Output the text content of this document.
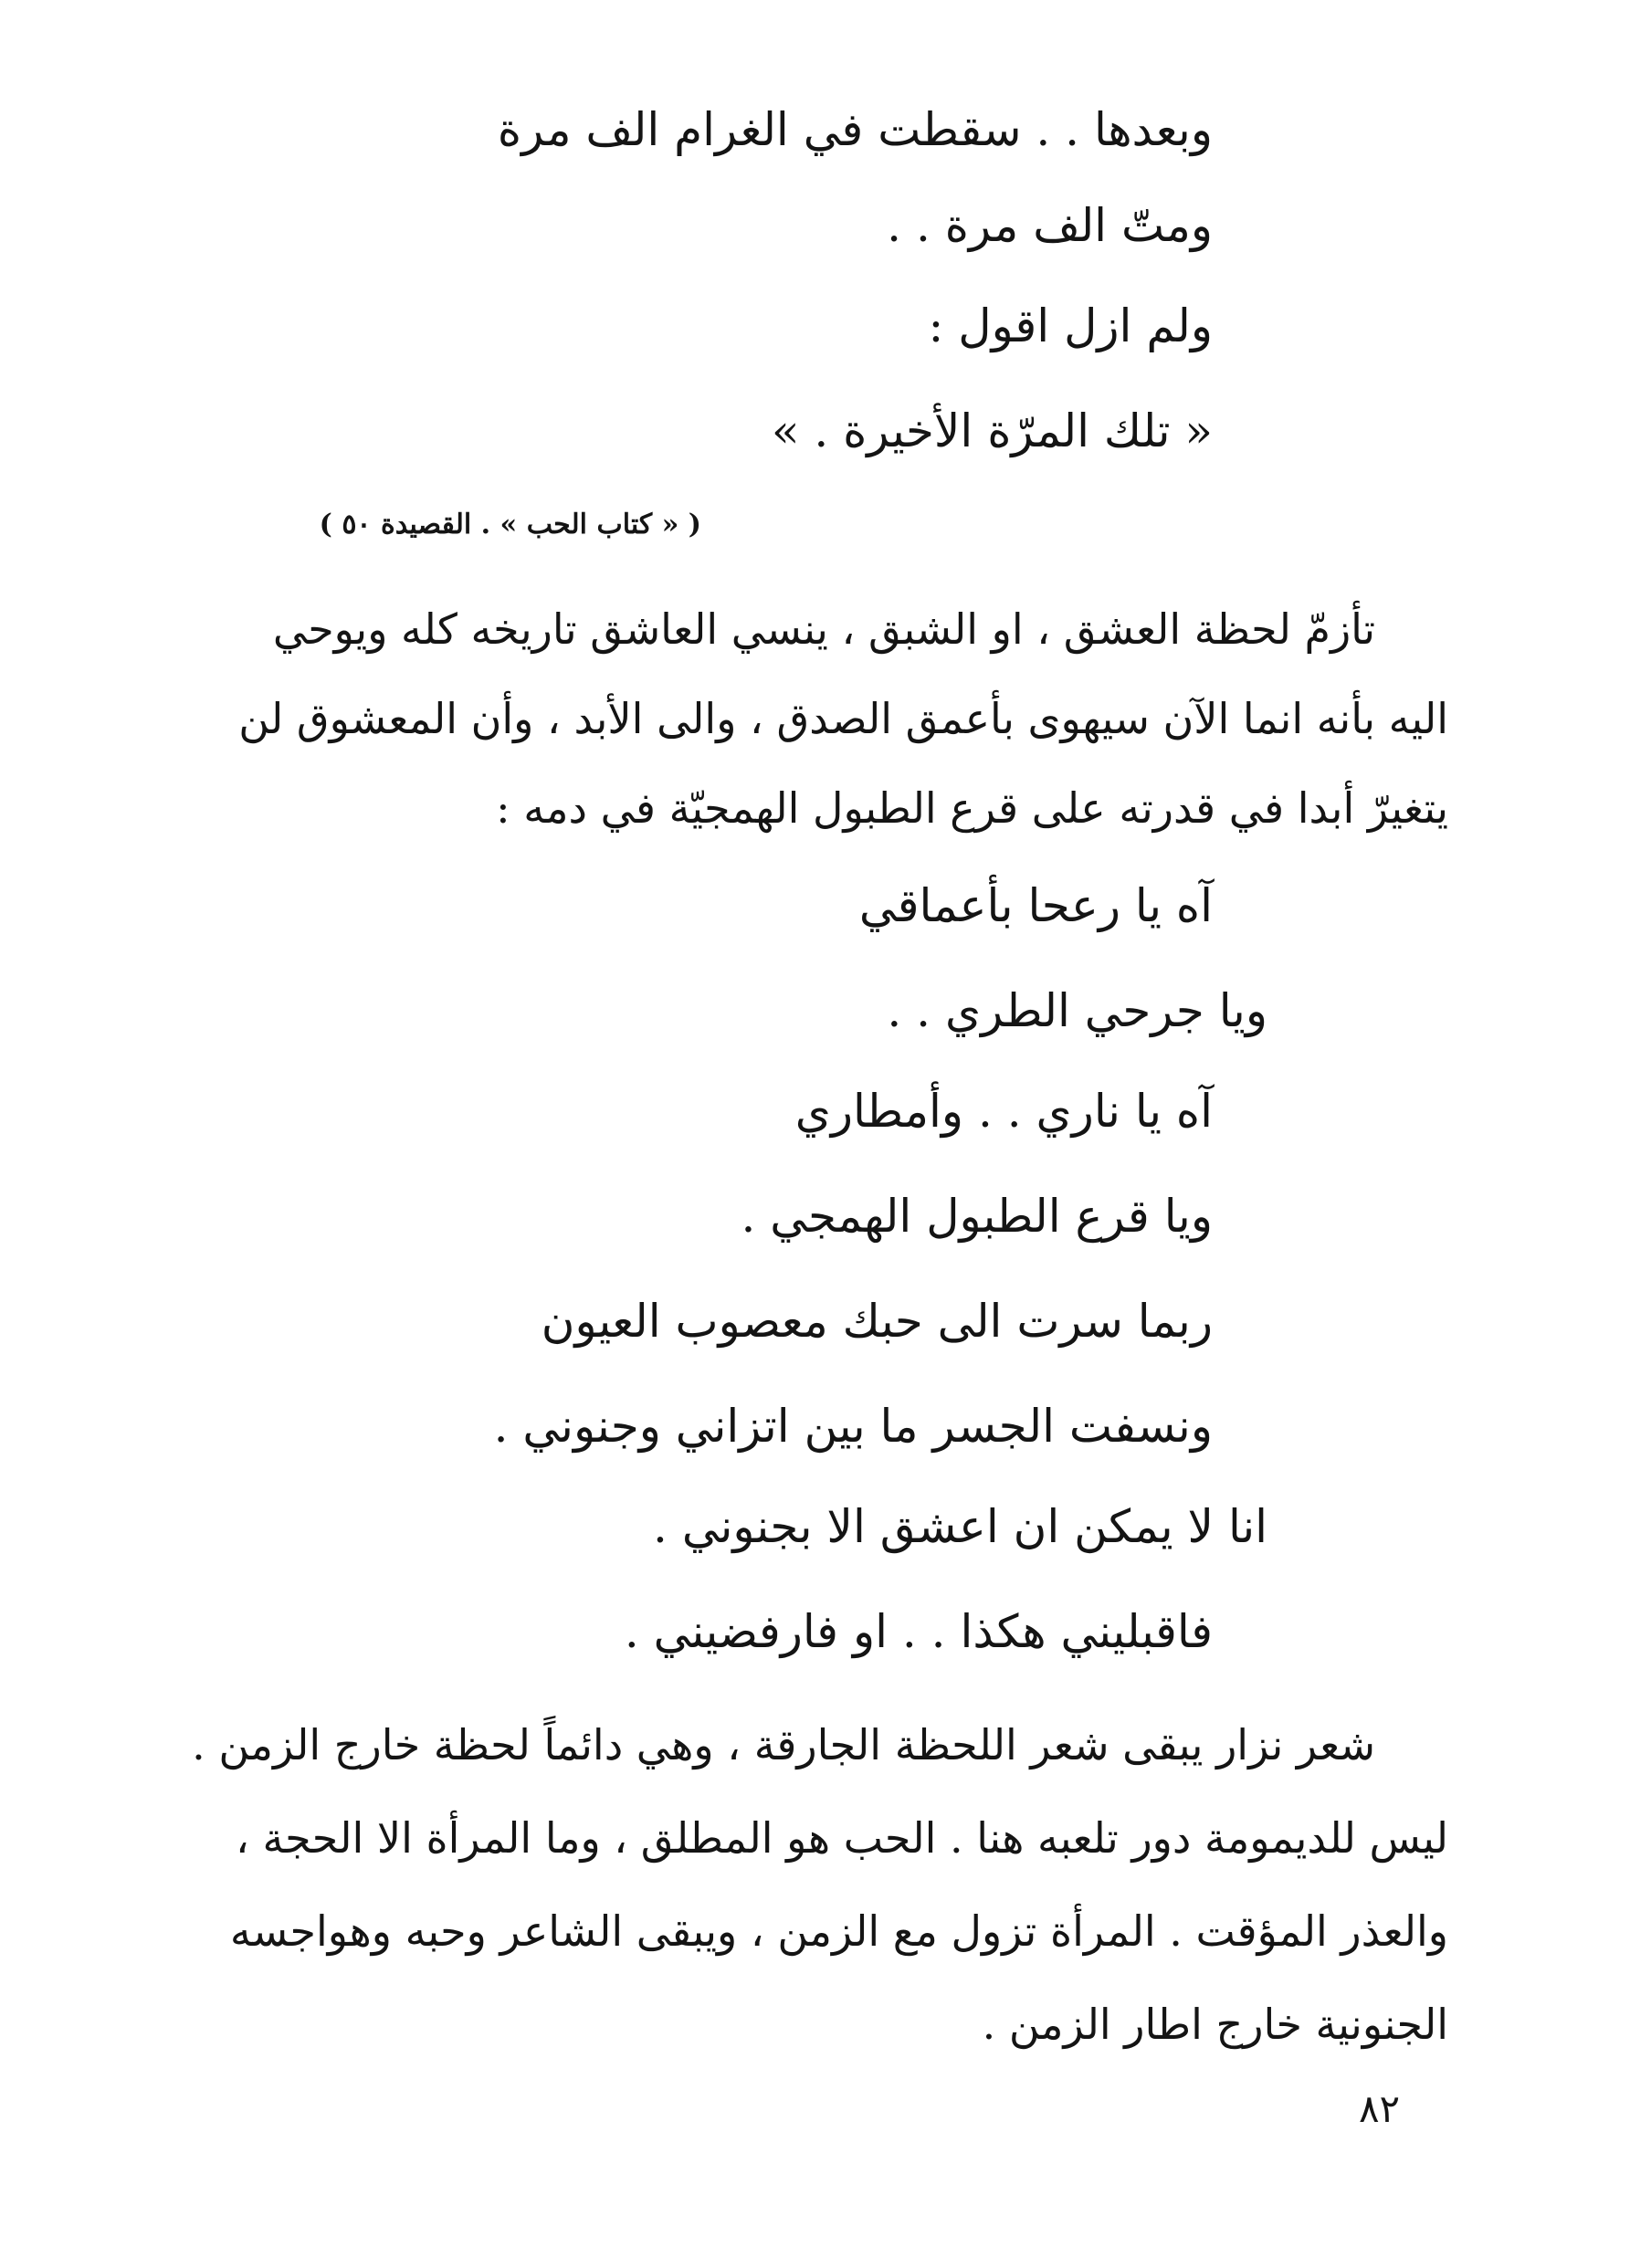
وبعدها . . سقطت في الغرام الف مرة
ومتّ الف مرة . .
ولم ازل اقول :
« تلك المرّة الأخيرة . »
( « كتاب الحب » . القصيدة ٥٠ )
تأزمّ لحظة العشق ، او الشبق ، ينسي العاشق تاريخه كله ويوحي
اليه بأنه انما الآن سيهوى بأعمق الصدق ، والى الأبد ، وأن المعشوق لن
يتغيرّ أبدا في قدرته على قرع الطبول الهمجيّة في دمه :
آه يا رعحا بأعماقي
ويا جرحي الطري . .
آه يا ناري . . وأمطاري
ويا قرع الطبول الهمجي .
ربما سرت الى حبك معصوب العيون
ونسفت الجسر ما بين اتزاني وجنوني .
انا لا يمكن ان اعشق الا بجنوني .
فاقبليني هكذا . . او فارفضيني .
شعر نزار يبقى شعر اللحظة الجارقة ، وهي دائماً لحظة خارج الزمن .
ليس للديمومة دور تلعبه هنا . الحب هو المطلق ، وما المرأة الا الحجة ،
والعذر المؤقت . المرأة تزول مع الزمن ، ويبقى الشاعر وحبه وهواجسه
الجنونية خارج اطار الزمن .
٨٢
